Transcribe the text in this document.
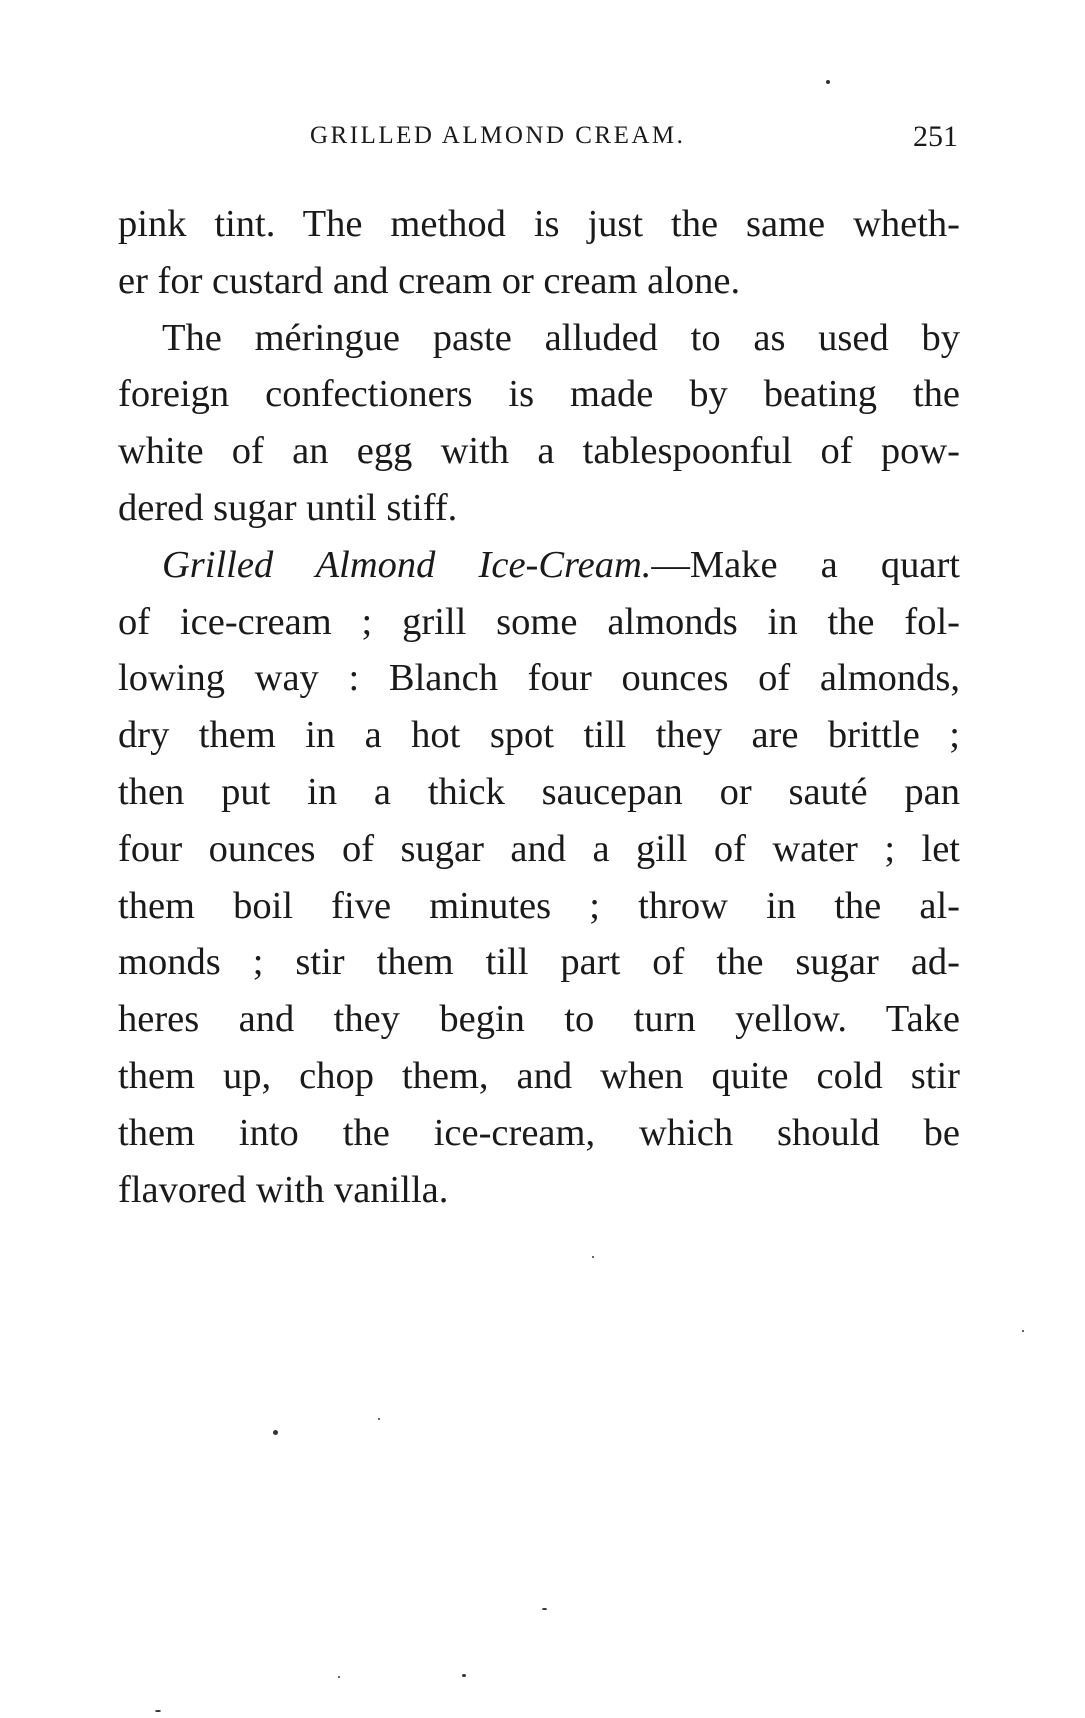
GRILLED ALMOND CREAM.	251
pink tint. The method is just the same wheth-
er for custard and cream or cream alone.
The méringue paste alluded to as used by
foreign confectioners is made by beating the
white of an egg with a tablespoonful of pow-
dered sugar until stiff.
Grilled Almond Ice-Cream.—Make a quart
of ice-cream ; grill some almonds in the fol-
lowing way : Blanch four ounces of almonds,
dry them in a hot spot till they are brittle ;
then put in a thick saucepan or sauté pan
four ounces of sugar and a gill of water ; let
them boil five minutes ; throw in the al-
monds ; stir them till part of the sugar ad-
heres and they begin to turn yellow. Take
them up, chop them, and when quite cold stir
them into the ice-cream, which should be
flavored with vanilla.
